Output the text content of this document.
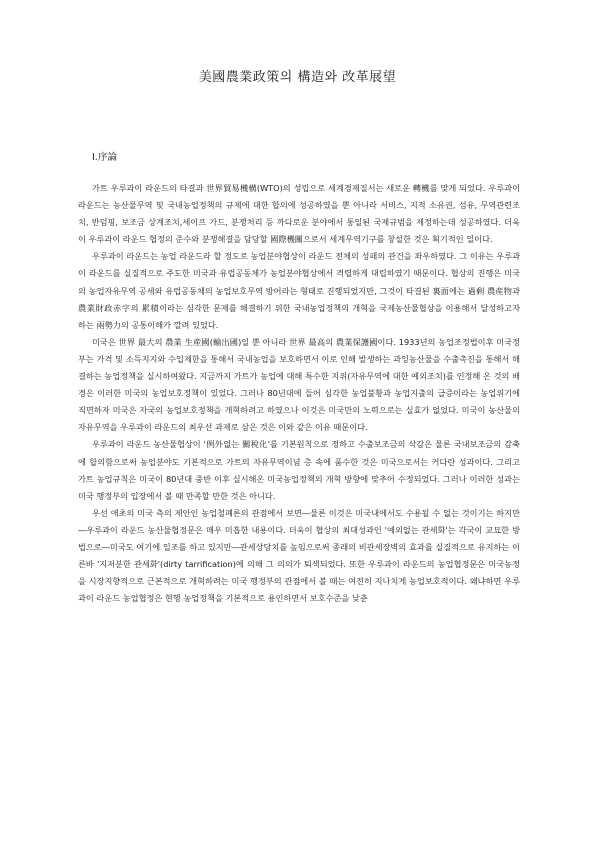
美國農業政策의 構造와 改革展望
Ⅰ.序論

가트 우루과이 라운드의 타결과 世界貿易機構(WTO)의 성립으로 세계경제질서는 새로운 轉機를 맞게 되었다. 우루과이 라운드는 농산물무역 및 국내농업정책의 규제에 대한 합의에 성공하였을 뿐 아니라 서비스, 지적 소유권, 섬유, 무역관련조치, 반덤핑, 보조금 상계조치,세이프 가드, 분쟁처리 등 까다로운 분야에서 통일된 국제규범을 제정하는데 성공하였다. 더욱이 우루과이 라운드 협정의 준수와 분쟁해결을 담당할 國際機關으로서 세계무역기구를 창설한 것은 획기적인 일이다.

우루과이 라운드는 농업 라운드라 할 정도로 농업분야협상이 라운드 전체의 성패의 관건을 좌우하였다. 그 이유는 우루과이 라운드를 실질적으로 주도한 미국과 유럽공동체가 농업분야협상에서 격렬하게 대립하였기 때문이다. 협상의 진행은 미국의 농업자유무역 공세와 유럽공동체의 농업보호무역 방어라는 형태로 진행되었지만, 그것이 타결된 裏面에는 過剩 農産物과 農業財政赤字의 累積이라는 심각한 문제를 해결하기 위한 국내농업정책의 개혁을 국제농산물협상을 이용해서 달성하고자 하는 兩勢力의 공통이해가 깔려 있었다.

미국은 世界 最大의 農業 生産國(輸出國)일 뿐 아니라 世界 最高의 農業保護國이다. 1933년의 농업조정법이후 미국정부는 가격 및 소득지지와 수입제한을 통해서 국내농업을 보호하면서 이로 인해 발생하는 과잉농산물을 수출촉진을 통해서 해결하는 농업정책을 실시하여왔다. 지금까지 가트가 농업에 대해 특수한 지위(자유무역에 대한 예외조치)를 인정해 온 것의 배경은 이러한 미국의 농업보호정책이 있었다. 그러나 80년대에 들어 심각한 농업불황과 농업지출의 급증이라는 농업위기에 직면하자 미국은 자국의 농업보호정책을 개혁하려고 하였으나 이것은 미국만의 노력으로는 실효가 없었다. 미국이 농산물의 자유무역을 우루과이 라운드의 최우선 과제로 삼은 것은 이와 같은 이유 때문이다.

우루과이 라운드 농산물협상이 '例外없는 關稅化'를 기본원칙으로 정하고 수출보조금의 삭감은 물론 국내보조금의 감축에 합의함으로써 농업분야도 기본적으로 가트의 자유무역이념 층 속에 품수한 것은 미국으로서는 커다란 성과이다. 그리고 가트 농업규칙은 미국이 80년대 중반 이후 실시해온 미국농업정책의 개혁 방향에 맞추어 수정되었다. 그러나 이러한 성과는 미국 행정부의 입장에서 볼 때 만족할 만한 것은 아니다.

우선 애초의 미국 측의 제안인 농업철폐론의 관점에서 보면―물론 이것은 미국내에서도 수용될 수 없는 것이기는 하지만―우루과이 라운드 농산물협정문은 매우 미흡한 내용이다. 더욱이 협상의 최대성과인 '예외없는 관세화'는 각국이 교묘한 방법으로―미국도 여기에 일조를 하고 있지만―관세상당치를 높임으로써 종래의 비관세장벽의 효과를 실질적으로 유지하는 이른바 '지저분한 관세화'(dirty tarrification)에 의해 그 의의가 퇴색되었다. 또한 우루과이 라운드의 농업협정문은 미국농정을 시장지향적으로 근본적으로 개혁하려는 미국 행정부의 관점에서 볼 때는 여전히 지나치게 농업보호적이다. 왜냐하면 우루과이 라운드 농업협정은 현행 농업정책을 기본적으로 용인하면서 보호수준을 낮춘
